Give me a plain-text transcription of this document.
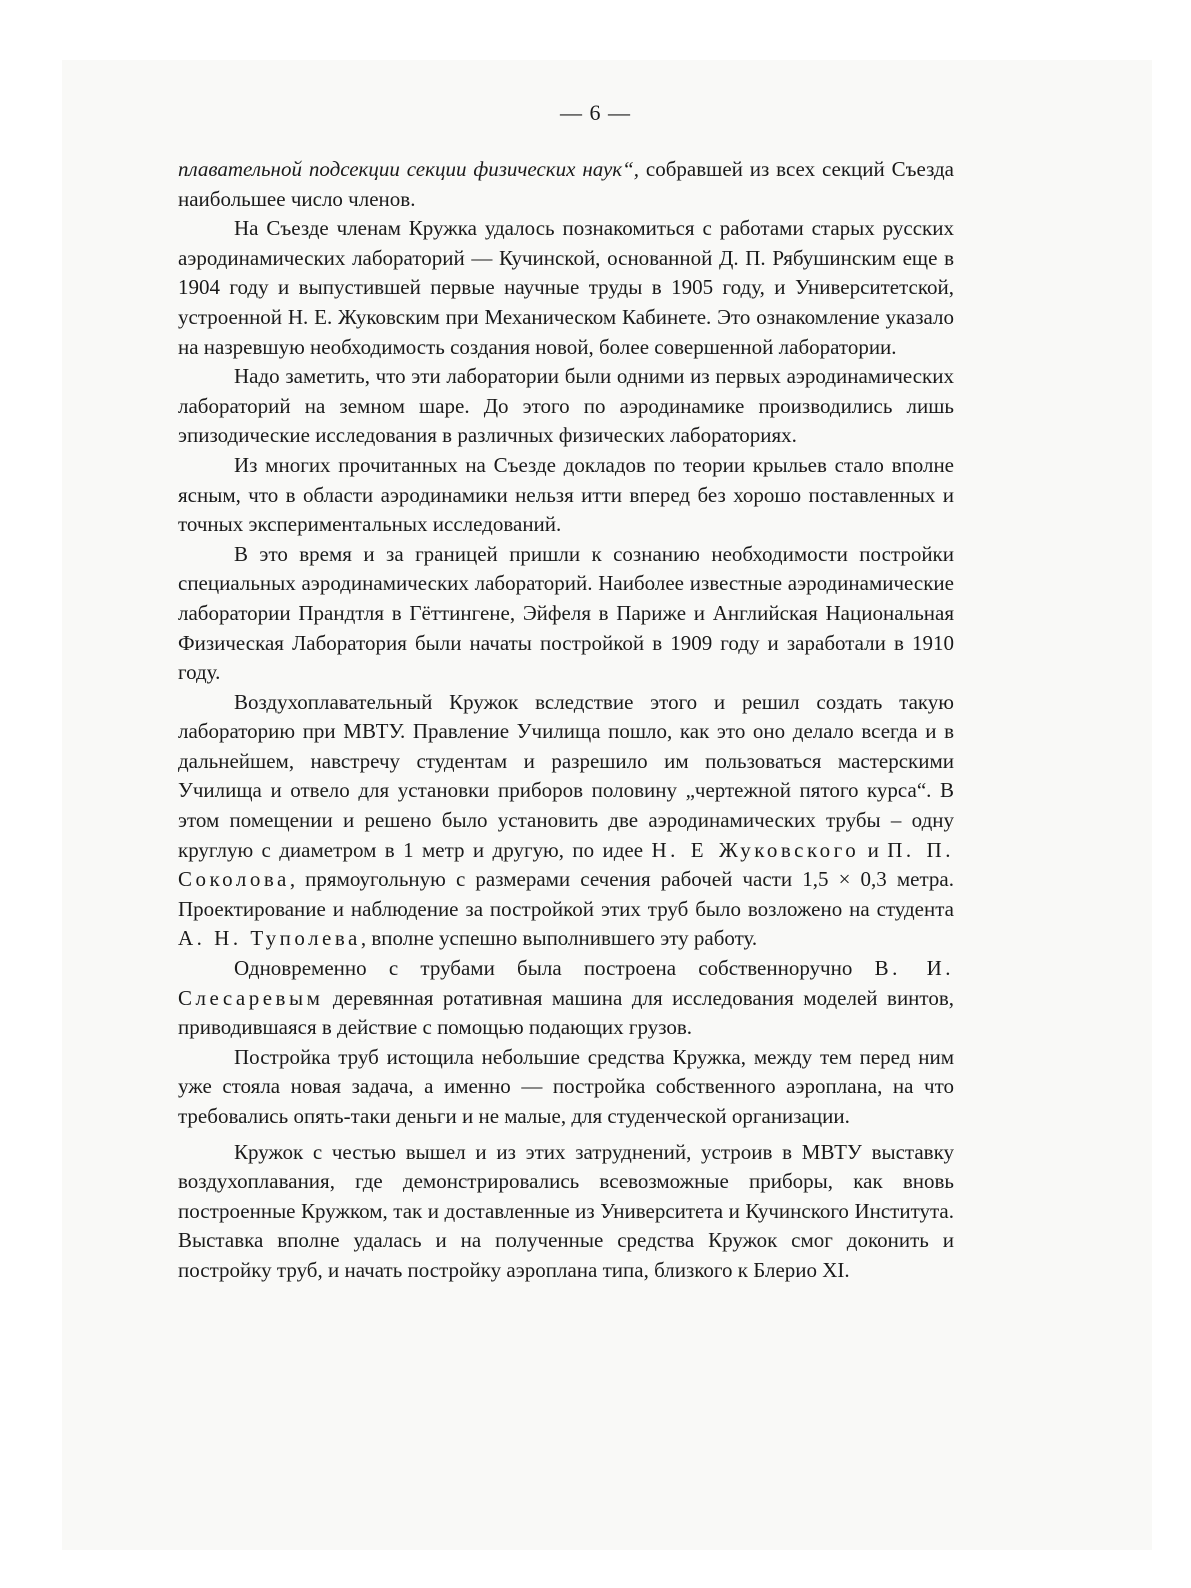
— 6 —

плавательной подсекции секции физических наук“, собравшей из всех секций Съезда наибольшее число членов.

На Съезде членам Кружка удалось познакомиться с работами старых русских аэродинамических лабораторий — Кучинской, основанной Д. П. Рябушинским еще в 1904 году и выпустившей первые научные труды в 1905 году, и Университетской, устроенной Н. Е. Жуковским при Механическом Кабинете. Это ознакомление указало на назревшую необходимость создания новой, более совершенной лаборатории.

Надо заметить, что эти лаборатории были одними из первых аэродинамических лабораторий на земном шаре. До этого по аэродинамике производились лишь эпизодические исследования в различных физических лабораториях.

Из многих прочитанных на Съезде докладов по теории крыльев стало вполне ясным, что в области аэродинамики нельзя итти вперед без хорошо поставленных и точных экспериментальных исследований.

В это время и за границей пришли к сознанию необходимости постройки специальных аэродинамических лабораторий. Наиболее известные аэродинамические лаборатории Прандтля в Гёттингене, Эйфеля в Париже и Английская Национальная Физическая Лаборатория были начаты постройкой в 1909 году и заработали в 1910 году.

Воздухоплавательный Кружок вследствие этого и решил создать такую лабораторию при МВТУ. Правление Училища пошло, как это оно делало всегда и в дальнейшем, навстречу студентам и разрешило им пользоваться мастерскими Училища и отвело для установки приборов половину „чертежной пятого курса“. В этом помещении и решено было установить две аэродинамических трубы – одну круглую с диаметром в 1 метр и другую, по идее Н. Е Жуковского и П. П. Соколова, прямоугольную с размерами сечения рабочей части 1,5 × 0,3 метра. Проектирование и наблюдение за постройкой этих труб было возложено на студента А. Н. Туполева, вполне успешно выполнившего эту работу.

Одновременно с трубами была построена собственноручно В. И. Слесаревым деревянная ротативная машина для исследования моделей винтов, приводившаяся в действие с помощью подающих грузов.

Постройка труб истощила небольшие средства Кружка, между тем перед ним уже стояла новая задача, а именно — постройка собственного аэроплана, на что требовались опять-таки деньги и не малые, для студенческой организации.

Кружок с честью вышел и из этих затруднений, устроив в МВТУ выставку воздухоплавания, где демонстрировались всевозможные приборы, как вновь построенные Кружком, так и доставленные из Университета и Кучинского Института. Выставка вполне удалась и на полученные средства Кружок смог доконить и постройку труб, и начать постройку аэроплана типа, близкого к Блерио XI.
